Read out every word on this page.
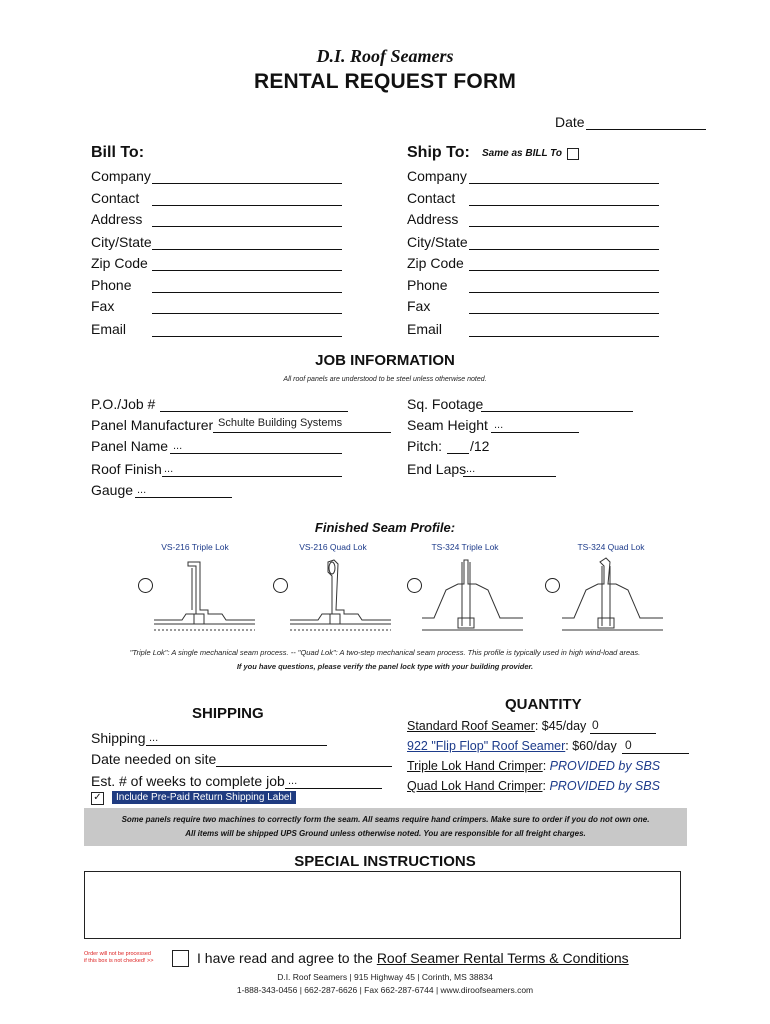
D.I. Roof Seamers
RENTAL REQUEST FORM
Date
Bill To:
Company
Contact
Address
City/State
Zip Code
Phone
Fax
Email
Ship To: Same as BILL To
Company
Contact
Address
City/State
Zip Code
Phone
Fax
Email
JOB INFORMATION
All roof panels are understood to be steel unless otherwise noted.
P.O./Job #
Panel Manufacturer Schulte Building Systems
Panel Name ...
Roof Finish ...
Gauge ...
Sq. Footage
Seam Height ...
Pitch: /12
End Laps ...
Finished Seam Profile:
VS-216 Triple Lok	VS-216 Quad Lok	TS-324 Triple Lok	TS-324 Quad Lok
"Triple Lok": A single mechanical seam process. -- "Quad Lok": A two-step mechanical seam process. This profile is typically used in high wind-load areas.
If you have questions, please verify the panel lock type with your building provider.
SHIPPING
Shipping ...
Date needed on site
Est. # of weeks to complete job ...
✓	Include Pre-Paid Return Shipping Label
QUANTITY
Standard Roof Seamer: $45/day 0
922 "Flip Flop" Roof Seamer: $60/day 0
Triple Lok Hand Crimper: PROVIDED by SBS
Quad Lok Hand Crimper: PROVIDED by SBS
Some panels require two machines to correctly form the seam. All seams require hand crimpers. Make sure to order if you do not own one.
All items will be shipped UPS Ground unless otherwise noted. You are responsible for all freight charges.
SPECIAL INSTRUCTIONS
Order will not be processed
if this box is not checked! >>	I have read and agree to the Roof Seamer Rental Terms & Conditions
D.I. Roof Seamers | 915 Highway 45 | Corinth, MS 38834
1-888-343-0456 | 662-287-6626 | Fax 662-287-6744 | www.diroofseamers.com
